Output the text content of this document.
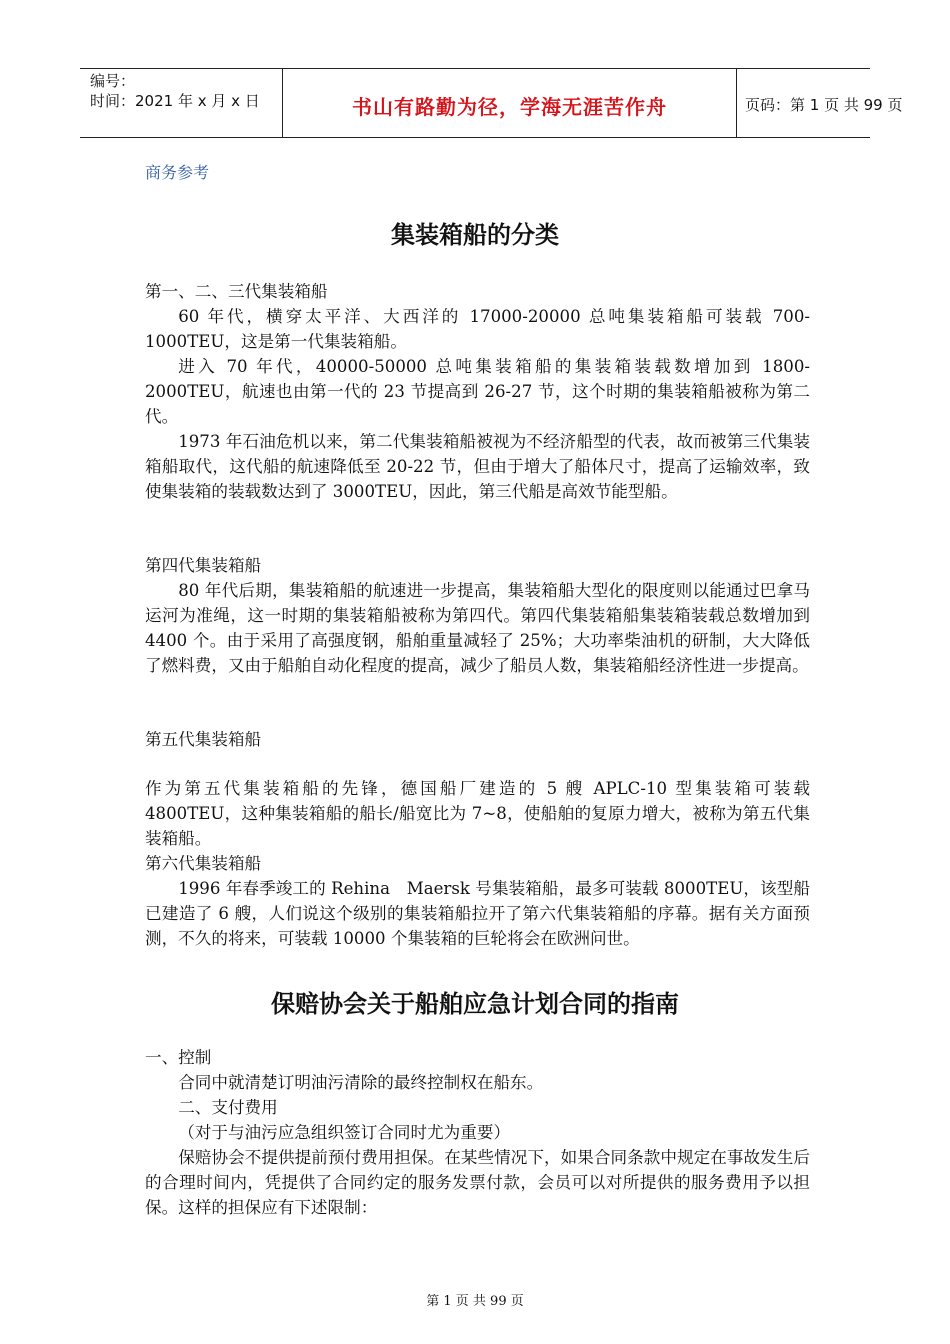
编号：
时间：2021 年 x 月 x 日	书山有路勤为径，学海无涯苦作舟	页码：第 1 页 共 99 页
商务参考
集装箱船的分类

第一、二、三代集装箱船

60 年代，横穿太平洋、大西洋的 17000-20000 总吨集装箱船可装载 700-1000TEU，这是第一代集装箱船。

进入 70 年代，40000-50000 总吨集装箱船的集装箱装载数增加到 1800-2000TEU，航速也由第一代的 23 节提高到 26-27 节，这个时期的集装箱船被称为第二代。

1973 年石油危机以来，第二代集装箱船被视为不经济船型的代表，故而被第三代集装箱船取代，这代船的航速降低至 20-22 节，但由于增大了船体尺寸，提高了运输效率，致使集装箱的装载数达到了 3000TEU，因此，第三代船是高效节能型船。

第四代集装箱船

80 年代后期，集装箱船的航速进一步提高，集装箱船大型化的限度则以能通过巴拿马运河为准绳，这一时期的集装箱船被称为第四代。第四代集装箱船集装箱装载总数增加到 4400 个。由于采用了高强度钢，船舶重量减轻了 25%；大功率柴油机的研制，大大降低了燃料费，又由于船舶自动化程度的提高，减少了船员人数，集装箱船经济性进一步提高。

第五代集装箱船

作为第五代集装箱船的先锋，德国船厂建造的 5 艘 APLC-10 型集装箱可装载 4800TEU，这种集装箱船的船长/船宽比为 7~8，使船舶的复原力增大，被称为第五代集装箱船。

第六代集装箱船

1996 年春季竣工的 Rehina　Maersk 号集装箱船，最多可装载 8000TEU，该型船已建造了 6 艘，人们说这个级别的集装箱船拉开了第六代集装箱船的序幕。据有关方面预测，不久的将来，可装载 10000 个集装箱的巨轮将会在欧洲问世。

保赔协会关于船舶应急计划合同的指南

一、控制

合同中就清楚订明油污清除的最终控制权在船东。

二、支付费用

（对于与油污应急组织签订合同时尤为重要）

保赔协会不提供提前预付费用担保。在某些情况下，如果合同条款中规定在事故发生后的合理时间内，凭提供了合同约定的服务发票付款，会员可以对所提供的服务费用予以担保。这样的担保应有下述限制：

第 1 页 共 99 页
